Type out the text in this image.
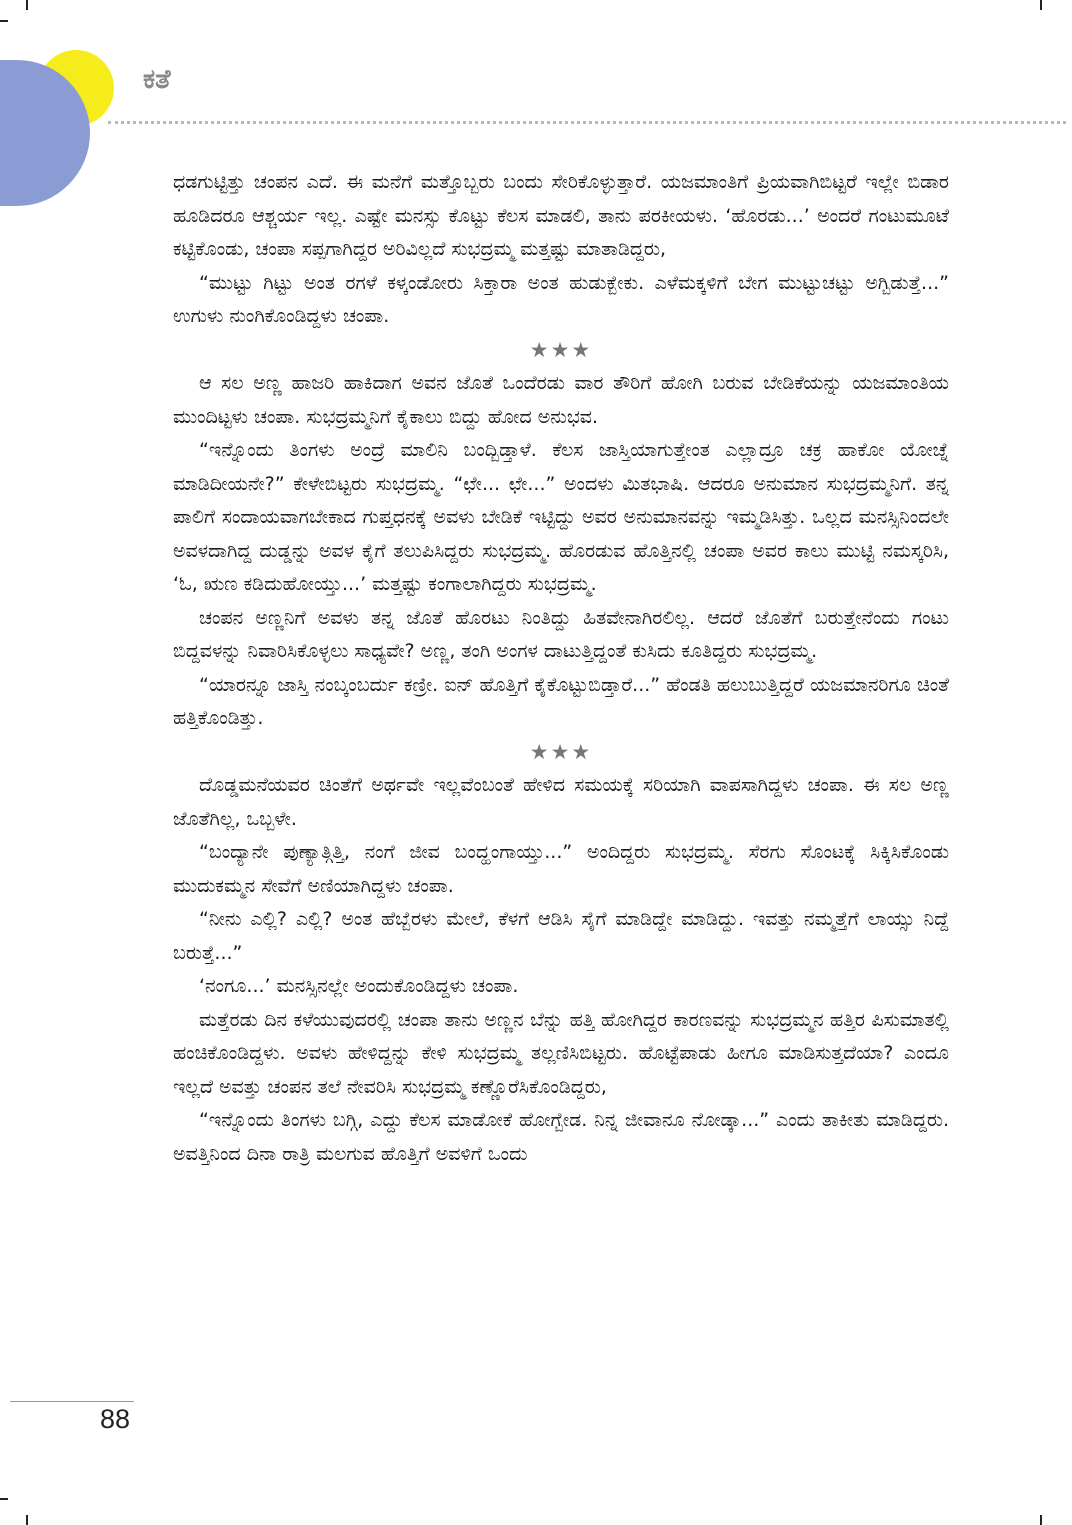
ಕತೆ

ಧಡಗುಟ್ಟಿತ್ತು ಚಂಪನ ಎದೆ. ಈ ಮನೆಗೆ ಮತ್ತೊಬ್ಬರು ಬಂದು ಸೇರಿಕೊಳ್ಳುತ್ತಾರೆ. ಯಜಮಾಂತಿಗೆ ಪ್ರಿಯವಾಗಿಬಿಟ್ಟರೆ ಇಲ್ಲೇ ಬಿಡಾರ ಹೂಡಿದರೂ ಆಶ್ಚರ್ಯ ಇಲ್ಲ. ಎಷ್ಟೇ ಮನಸ್ಸು ಕೊಟ್ಟು ಕೆಲಸ ಮಾಡಲಿ, ತಾನು ಪರಕೀಯಳು. ‘ಹೊರಡು...’ ಅಂದರೆ ಗಂಟುಮೂಟೆ ಕಟ್ಟಿಕೊಂಡು, ಚಂಪಾ ಸಪ್ಪಗಾಗಿದ್ದರ ಅರಿವಿಲ್ಲದೆ ಸುಭದ್ರಮ್ಮ ಮತ್ತಷ್ಟು ಮಾತಾಡಿದ್ದರು,

“ಮುಟ್ಟು ಗಿಟ್ಟು ಅಂತ ರಗಳೆ ಕಳ್ಕಂಡೋರು ಸಿಕ್ತಾರಾ ಅಂತ ಹುಡುಕ್ಬೇಕು. ಎಳೆಮಕ್ಕಳಿಗೆ ಬೇಗ ಮುಟ್ಟುಚಟ್ಟು ಅಗ್ಬಿಡುತ್ತೆ...” ಉಗುಳು ನುಂಗಿಕೊಂಡಿದ್ದಳು ಚಂಪಾ.

★★★

ಆ ಸಲ ಅಣ್ಣ ಹಾಜರಿ ಹಾಕಿದಾಗ ಅವನ ಜೊತೆ ಒಂದೆರಡು ವಾರ ತೌರಿಗೆ ಹೋಗಿ ಬರುವ ಬೇಡಿಕೆಯನ್ನು ಯಜಮಾಂತಿಯ ಮುಂದಿಟ್ಟಳು ಚಂಪಾ. ಸುಭದ್ರಮ್ಮನಿಗೆ ಕೈಕಾಲು ಬಿದ್ದು ಹೋದ ಅನುಭವ.

“ಇನ್ನೊಂದು ತಿಂಗಳು ಅಂದ್ರೆ ಮಾಲಿನಿ ಬಂದ್ಬಿಡ್ತಾಳೆ. ಕೆಲಸ ಜಾಸ್ತಿಯಾಗುತ್ತೇಂತ ಎಲ್ಲಾದ್ರೂ ಚಕ್ರ ಹಾಕೋ ಯೋಚ್ನೆ ಮಾಡಿದೀಯನೇ?” ಕೇಳೇಬಿಟ್ಟರು ಸುಭದ್ರಮ್ಮ. “ಛೇ... ಛೇ...” ಅಂದಳು ಮಿತಭಾಷಿ. ಆದರೂ ಅನುಮಾನ ಸುಭದ್ರಮ್ಮನಿಗೆ. ತನ್ನ ಪಾಲಿಗೆ ಸಂದಾಯವಾಗಬೇಕಾದ ಗುಪ್ತಧನಕ್ಕೆ ಅವಳು ಬೇಡಿಕೆ ಇಟ್ಟಿದ್ದು ಅವರ ಅನುಮಾನವನ್ನು ಇಮ್ಮಡಿಸಿತ್ತು. ಒಲ್ಲದ ಮನಸ್ಸಿನಿಂದಲೇ ಅವಳದಾಗಿದ್ದ ದುಡ್ಡನ್ನು ಅವಳ ಕೈಗೆ ತಲುಪಿಸಿದ್ದರು ಸುಭದ್ರಮ್ಮ. ಹೊರಡುವ ಹೊತ್ತಿನಲ್ಲಿ ಚಂಪಾ ಅವರ ಕಾಲು ಮುಟ್ಟಿ ನಮಸ್ಕರಿಸಿ, ‘ಓ, ಋಣ ಕಡಿದುಹೋಯ್ತು...’ ಮತ್ತಷ್ಟು ಕಂಗಾಲಾಗಿದ್ದರು ಸುಭದ್ರಮ್ಮ.

ಚಂಪನ ಅಣ್ಣನಿಗೆ ಅವಳು ತನ್ನ ಜೊತೆ ಹೊರಟು ನಿಂತಿದ್ದು ಹಿತವೇನಾಗಿರಲಿಲ್ಲ. ಆದರೆ ಜೊತೆಗೆ ಬರುತ್ತೇನೆಂದು ಗಂಟು ಬಿದ್ದವಳನ್ನು ನಿವಾರಿಸಿಕೊಳ್ಳಲು ಸಾಧ್ಯವೇ? ಅಣ್ಣ, ತಂಗಿ ಅಂಗಳ ದಾಟುತ್ತಿದ್ದಂತೆ ಕುಸಿದು ಕೂತಿದ್ದರು ಸುಭದ್ರಮ್ಮ.

“ಯಾರನ್ನೂ ಜಾಸ್ತಿ ನಂಬ್ಕಂಬರ್ದು ಕಣ್ರೀ. ಐನ್ ಹೊತ್ತಿಗೆ ಕೈಕೊಟ್ಟುಬಿಡ್ತಾರೆ...” ಹೆಂಡತಿ ಹಲುಬುತ್ತಿದ್ದರೆ ಯಜಮಾನರಿಗೂ ಚಿಂತೆ ಹತ್ತಿಕೊಂಡಿತ್ತು.

★★★

ದೊಡ್ಡಮನೆಯವರ ಚಿಂತೆಗೆ ಅರ್ಥವೇ ಇಲ್ಲವೆಂಬಂತೆ ಹೇಳಿದ ಸಮಯಕ್ಕೆ ಸರಿಯಾಗಿ ವಾಪಸಾಗಿದ್ದಳು ಚಂಪಾ. ಈ ಸಲ ಅಣ್ಣ ಜೊತೆಗಿಲ್ಲ, ಒಬ್ಬಳೇ.

“ಬಂದ್ಯಾನೇ ಪುಣ್ಯಾತ್ಗಿತ್ತಿ, ನಂಗೆ ಜೀವ ಬಂದ್ಹಂಗಾಯ್ತು...” ಅಂದಿದ್ದರು ಸುಭದ್ರಮ್ಮ. ಸೆರಗು ಸೊಂಟಕ್ಕೆ ಸಿಕ್ಕಿಸಿಕೊಂಡು ಮುದುಕಮ್ಮನ ಸೇವೆಗೆ ಅಣಿಯಾಗಿದ್ದಳು ಚಂಪಾ.

“ನೀನು ಎಲ್ಲಿ? ಎಲ್ಲಿ? ಅಂತ ಹೆಬ್ಬೆರಳು ಮೇಲೆ, ಕೆಳಗೆ ಆಡಿಸಿ ಸೈಗೆ ಮಾಡಿದ್ದೇ ಮಾಡಿದ್ದು. ಇವತ್ತು ನಮ್ಮತ್ತೆಗೆ ಲಾಯ್ಸು ನಿದ್ದೆ ಬರುತ್ತೆ...”

‘ನಂಗೂ...’ ಮನಸ್ಸಿನಲ್ಲೇ ಅಂದುಕೊಂಡಿದ್ದಳು ಚಂಪಾ.

ಮತ್ತೆರಡು ದಿನ ಕಳೆಯುವುದರಲ್ಲಿ ಚಂಪಾ ತಾನು ಅಣ್ಣನ ಬೆನ್ನು ಹತ್ತಿ ಹೋಗಿದ್ದರ ಕಾರಣವನ್ನು ಸುಭದ್ರಮ್ಮನ ಹತ್ತಿರ ಪಿಸುಮಾತಲ್ಲಿ ಹಂಚಿಕೊಂಡಿದ್ದಳು. ಅವಳು ಹೇಳಿದ್ದನ್ನು ಕೇಳಿ ಸುಭದ್ರಮ್ಮ ತಲ್ಲಣಿಸಿಬಿಟ್ಟರು. ಹೊಟ್ಟೆಪಾಡು ಹೀಗೂ ಮಾಡಿಸುತ್ತದೆಯಾ? ಎಂದೂ ಇಲ್ಲದೆ ಅವತ್ತು ಚಂಪನ ತಲೆ ನೇವರಿಸಿ ಸುಭದ್ರಮ್ಮ ಕಣ್ಣೊರೆಸಿಕೊಂಡಿದ್ದರು,

“ಇನ್ನೊಂದು ತಿಂಗಳು ಬಗ್ಗಿ, ಎದ್ದು ಕೆಲಸ ಮಾಡೋಕೆ ಹೋಗ್ಬೇಡ. ನಿನ್ನ ಜೀವಾನೂ ನೋಡ್ಕಾ...” ಎಂದು ತಾಕೀತು ಮಾಡಿದ್ದರು. ಅವತ್ತಿನಿಂದ ದಿನಾ ರಾತ್ರಿ ಮಲಗುವ ಹೊತ್ತಿಗೆ ಅವಳಿಗೆ ಒಂದು

88
